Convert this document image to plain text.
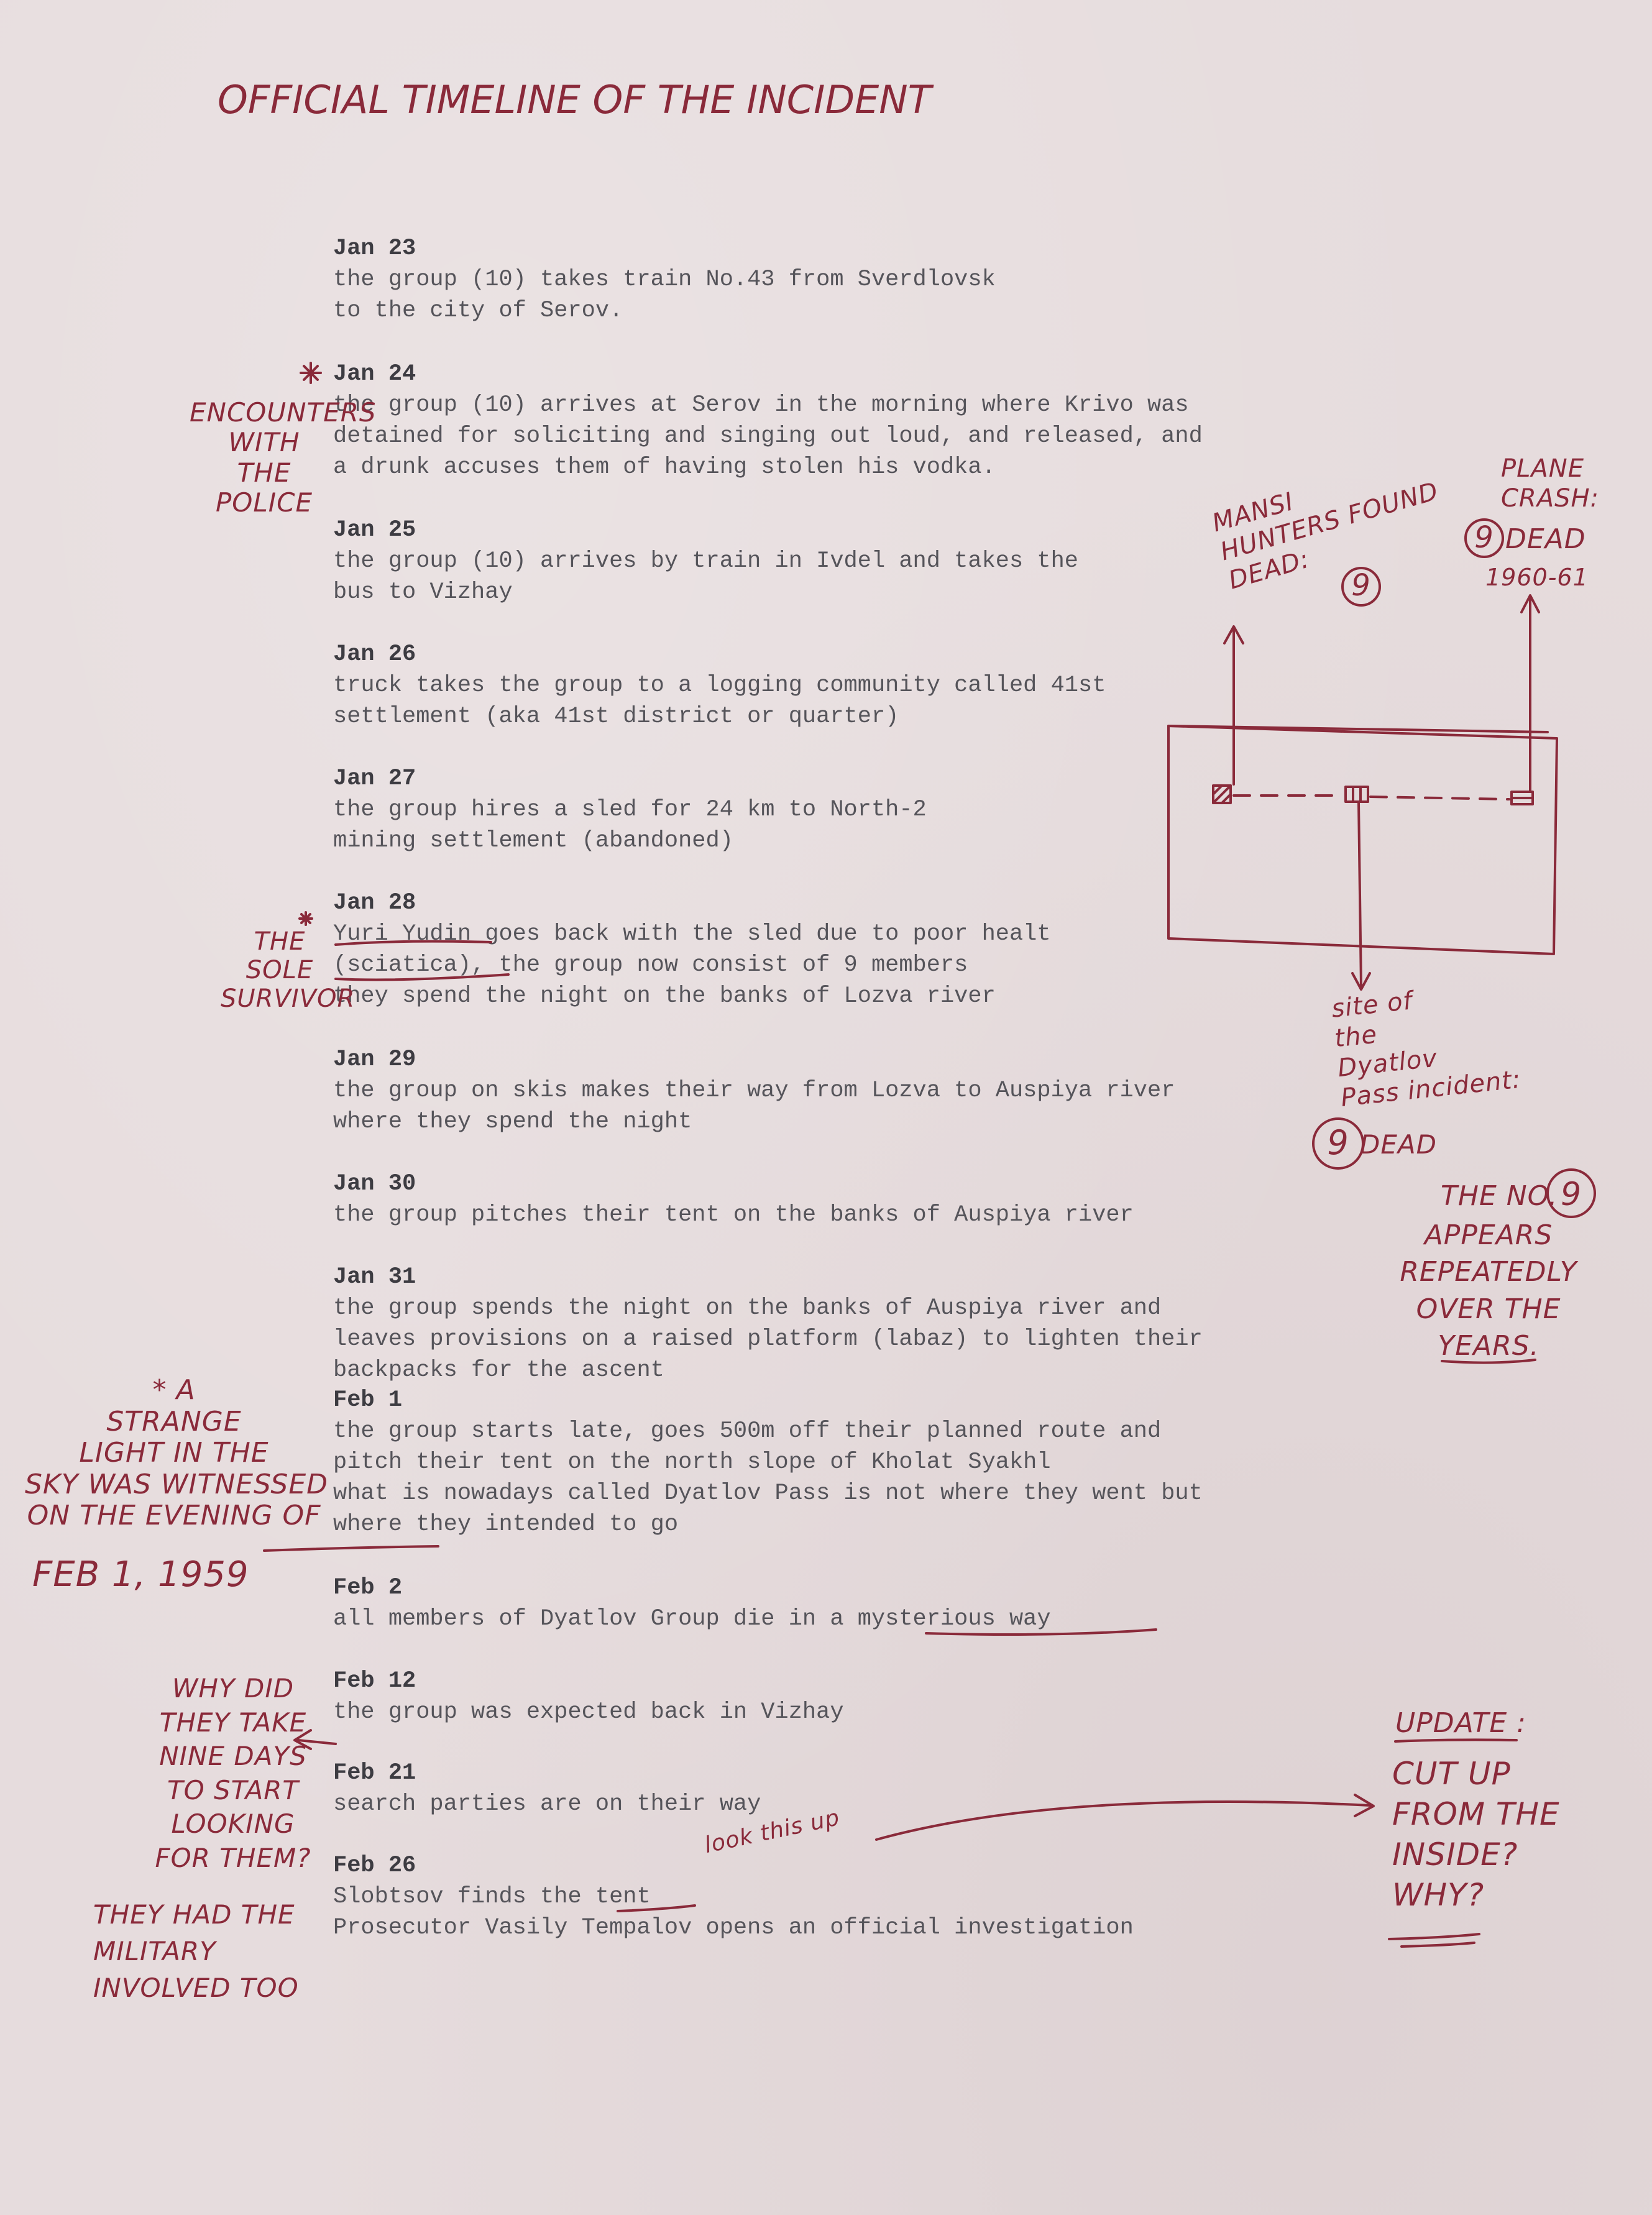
OFFICIAL TIMELINE OF THE INCIDENT
Jan 23
the group (10) takes train No.43 from Sverdlovsk
to the city of Serov.
Jan 24
the group (10) arrives at Serov in the morning where Krivo was
detained for soliciting and singing out loud, and released, and
a drunk accuses them of having stolen his vodka.
Jan 25
the group (10) arrives by train in Ivdel and takes the
bus to Vizhay
Jan 26
truck takes the group to a logging community called 41st
settlement (aka 41st district or quarter)
Jan 27
the group hires a sled for 24 km to North-2
mining settlement (abandoned)
Jan 28
Yuri Yudin goes back with the sled due to poor healt
(sciatica), the group now consist of 9 members
they spend the night on the banks of Lozva river
Jan 29
the group on skis makes their way from Lozva to Auspiya river
where they spend the night
Jan 30
the group pitches their tent on the banks of Auspiya river
Jan 31
the group spends the night on the banks of Auspiya river and
leaves provisions on a raised platform (labaz) to lighten their
backpacks for the ascent
Feb 1
the group starts late, goes 500m off their planned route and
pitch their tent on the north slope of Kholat Syakhl
what is nowadays called Dyatlov Pass is not where they went but
where they intended to go
Feb 2
all members of Dyatlov Group die in a mysterious way
Feb 12
the group was expected back in Vizhay
Feb 21
search parties are on their way
Feb 26
Slobtsov finds the tent
Prosecutor Vasily Tempalov opens an official investigation
ENCOUNTERS
WITH
THE
POLICE
THE
SOLE
SURVIVOR
* A
STRANGE
LIGHT IN THE
SKY WAS WITNESSED
ON THE EVENING OF
FEB 1, 1959
WHY DID
THEY TAKE
NINE DAYS
TO START
LOOKING
FOR THEM?
THEY HAD THE
MILITARY
INVOLVED TOO
look this up
UPDATE :
CUT UP
FROM THE
INSIDE?
WHY?
MANSI
HUNTERS FOUND
DEAD:	9
PLANE
CRASH:
9 DEAD
1960-61
site of
the
Dyatlov
Pass incident:
9 DEAD
THE NO. 9
APPEARS
REPEATEDLY
OVER THE
YEARS.
